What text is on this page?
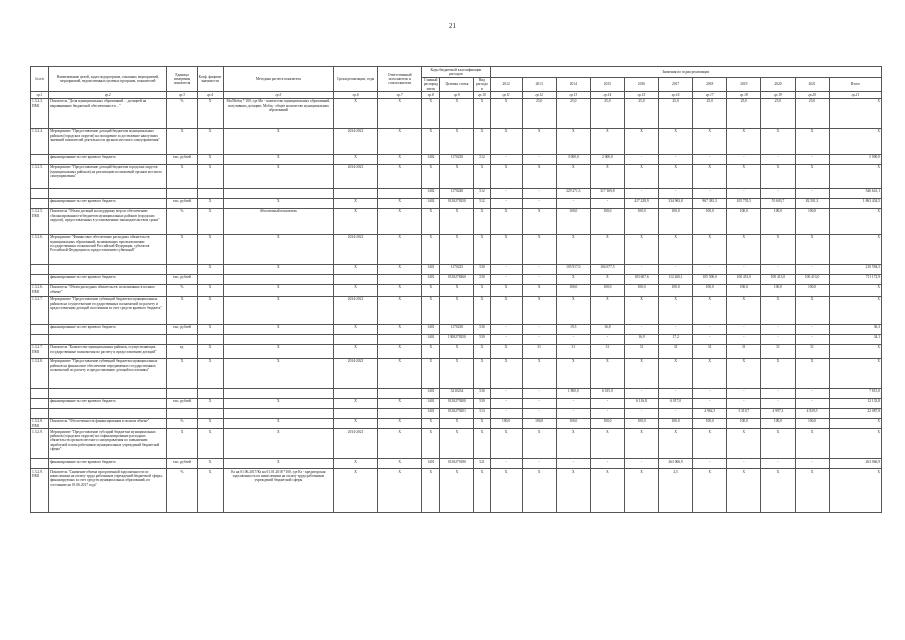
21
№ п/п	Наименование целей, задач подпрограмм, основных мероприятий, мероприятий, ведомственных целевых программ, показателей	Единица измерения показателя	Коэф. фициент значимости	Методика расчета показателя	Сроки реализации, годы	Ответственный исполнитель и соисполнители	Коды бюджетной классификации расходов			Значения по годам реализации										
							Главный распорядитель	Целевая статья	Вид расходов	2012	2013	2014	2015	2016	2017	2018	2019	2020	2021	Итого
гр.1	гр.2	гр.3	гр.4	гр.5	гр.6	гр.7	гр.8	гр.9	гр.10	гр.11	гр.12	гр.13	гр.14	гр.15	гр.16	гр.17	гр.18	гр.19	гр.20	гр.21
1.3.2.3. ПМ1	Показатель "Доля муниципальных образований ... дотацией на выравнивание бюджетной обеспеченности ..."	%	Х	Мо/Мобщ * 100, где Мо - количество муниципальных образований, получивших дотацию; Мобщ - общее количество муниципальных образований	Х	Х	Х	Х	Х	Х	25,0	25,0	25,0	25,0	25,0	25,0	25,0	25,0	25,0	Х
1.3.2.4.	Мероприятие "Предоставление дотаций бюджетам муниципальных районов (городских округов) на поощрение за достижение наилучших значений показателей деятельности органов местного самоуправления"	Х	Х	Х	2014-2021	Х	Х	Х	Х	Х	Х	Х	Х	Х	Х	Х	Х	Х	Х	Х
	финансирование за счет краевого бюджета	тыс. рублей	Х	Х	Х	Х	1402	1170230	512	-	-	3 000,0	2 000,0	-	-	-	-	-	-	5 000,0
1.3.2.5.	Мероприятие "Предоставление дотаций бюджетам городских округов (муниципальных районов) на реализацию полномочий органов местного самоуправления"	Х	Х	Х	2014-2021	Х	Х	Х	Х	Х	Х	Х	Х	Х	Х	Х	Х	Х	Х	Х
							1402	1170240	512	-	-	229 271,3	317 369,8	-	-	-	-	-	-	546 641,1
	финансирование за счет краевого бюджета	тыс. рублей	Х	Х	Х	Х	1402	0130279250	512	-	-	-	-	417 228,9	334 963,8	867 381,3	105 755,5	55 603,7	82 501,3	1 863 434,5
1.3.2.5. ПМ1	Показатель "Объем дотаций на поддержку мер по обеспечению сбалансированности бюджетов муниципальных районов (городских округов), предоставленных в установленные законодательством сроки"	%	Х	Абсолютный показатель	Х	Х	Х	Х	Х	Х	Х	100,0	100,0	100,0	100,0	100,0	100,0	100,0	100,0	Х
1.3.2.6.	Мероприятие "Финансовое обеспечение расходных обязательств муниципальных образований, возникающих при выполнении государственных полномочий Российской Федерации, субъектов Российской Федерации по предоставлению субвенций"	Х	Х	Х	2014-2021	Х	Х	Х	Х	Х	Х	Х	Х	Х	Х	Х	Х	Х	Х	Х
			Х	Х	Х	Х	1401	1170225	530	-	-	105 917,0	104 677,5	-	-	-	-	-	-	210 594,5
	финансирование за счет краевого бюджета	тыс. рублей					1401	0130278260	530	-	-	Х	Х	103 607,6	112 260,1	105 500,0	100 451,0	100 413,0	100 413,0	711 172,9
1.3.2.6. ПМ1	Показатель "Объем расходных обязательств, исполненных в полном объеме"	%	Х	Х	Х	Х	Х	Х	Х	Х	Х	100,0	100,0	100,0	100,0	100,0	100,0	100,0	100,0	Х
1.3.2.7.	Мероприятие "Предоставление субвенций бюджетам муниципальных районов на осуществление государственных полномочий по расчету и предоставлению дотаций поселениям за счет средств краевого бюджета"	Х	Х	Х	2014-2021	Х	Х	Х	Х	Х	Х	Х	Х	Х	Х	Х	Х	Х	Х	Х
	финансирование за счет краевого бюджета	тыс. рублей	Х	Х	Х	Х	1401	1170230	530	-	-	19,5	16,8	-	-	-	-	-	-	36,3
							1401	1300279250	530	-	-	-	-	16,9	17,2	-	-	-	-	34,1
1.3.2.7. ПМ1	Показатель "Количество муниципальных районов, осуществляющих государственные полномочия по расчету и предоставлению дотаций"	ед.	Х	Х	Х	Х	Х	Х	Х	Х	31	31	31	31	31	31	31	31	31	Х
1.3.2.8.	Мероприятие "Предоставление субвенций бюджетам муниципальных районов на финансовое обеспечение передаваемых государственных полномочий по расчету и предоставлению дотаций поселениям"	Х	Х	Х	2014-2021	Х	Х	Х	Х	Х	Х	Х	Х	Х	Х	Х	Х	Х	Х	Х
							1401	5210234	530	-	-	1 800,0	6 015,0	-	-	-	-	-	-	7 815,0
	финансирование за счет краевого бюджета	тыс. рублей	Х	Х	Х	Х	1401	0130279200	530	-	-	-	-	6 116,8	6 017,0	-	-	-	-	12 133,8
							1401	0130279201	513	-	-	-	-	-	-	4 962,5	5 310,7	4 997,3	4 929,5	22 087,8
1.3.2.8. ПМ1	Показатель "Обеспеченность финансирования в полном объеме"	%	Х	Х	Х	Х	Х	Х	Х	100,0	100,0	100,0	100,0	100,0	100,0	100,0	100,0	100,0	100,0	Х
1.3.2.9.	Мероприятие "Предоставление субсидий бюджетам муниципальных районов (городских округов) на софинансирование расходных обязательств органов местного самоуправления по повышению заработной платы работников муниципальных учреждений бюджетной сферы"	Х	Х	Х	2014-2021	Х	Х	Х	Х	Х	Х	Х	Х	Х	Х	Х	Х	Х	Х	Х
	финансирование за счет краевого бюджета	тыс. рублей	Х	Х	Х	Х	1401	0130279180	521	-	-	-	-	-	263 066,9	-	-	-	-	263 066,9
1.3.2.9. ПМ1	Показатель "Снижение объема просроченной задолженности по начислениям на оплату труда работников учреждений бюджетной сферы, финансируемых за счет средств муниципальных образований, по состоянию на 01.06.2017 года"	%	Х	Кз на 01.06.2017/Кз на 01.01.2018 *100, где Кз - кредиторская задолженность по начислениям на оплату труда работников учреждений бюджетной сферы	Х	Х	Х	Х	Х	Х	Х	Х	Х	Х	2,5	Х	Х	Х	Х	Х
